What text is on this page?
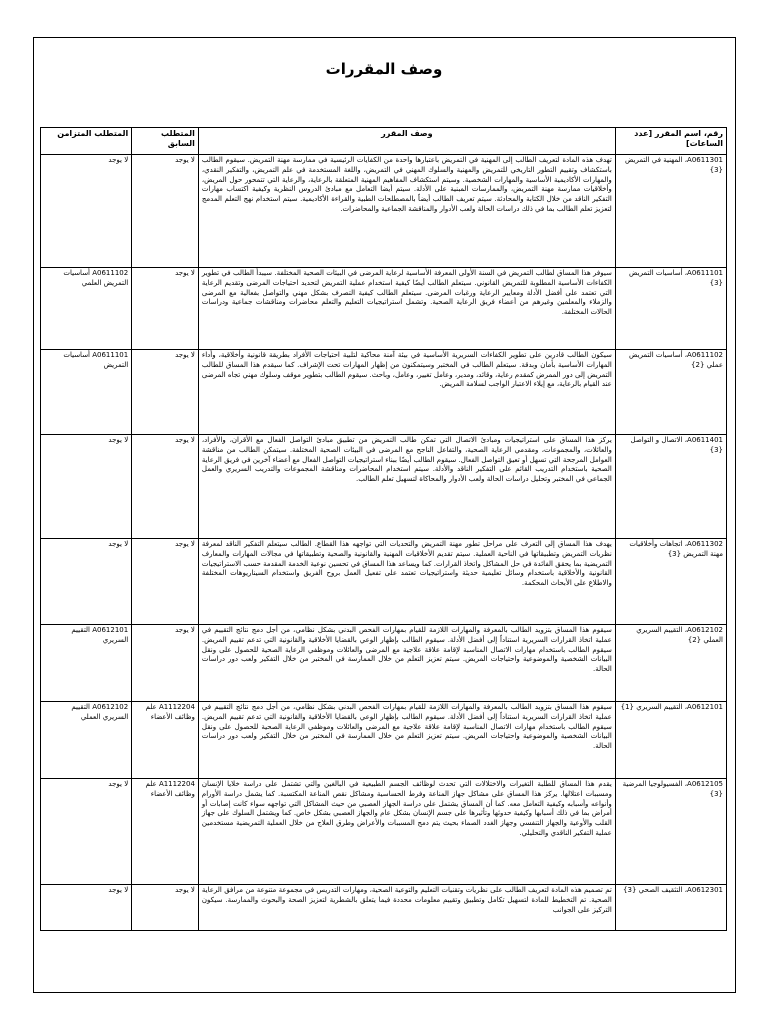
وصف المقررات
رقم، اسم المقرر [عدد الساعات]	وصف المقرر	المتطلب السابق	المتطلب المتزامن
A0611301، المهنية في التمريض {3}	تهدف هذه المادة لتعريف الطالب إلى المهنية في التمريض باعتبارها واحدة من الكفايات الرئيسية في ممارسة مهنة التمريض. سيقوم الطالب باستكشاف وتقييم التطور التاريخي للتمريض والمهنية والسلوك المهني في التمريض، واللغة المستخدمة في علم التمريض، والتفكير النقدي، والمهارات الأكاديمية الأساسية والمهارات الشخصية. وسيتم استكشاف المفاهيم المهنية المتعلقة بالرعاية، والرعاية التي تتمحور حول المريض، وأخلاقيات ممارسة مهنة التمريض، والممارسات المبنية على الأدلة. سيتم أيضا التعامل مع مبادئ الدروس النظرية وكيفية اكتساب مهارات التفكير الناقد من خلال الكتابة والمحادثة. سيتم تعريف الطالب أيضاً بالمصطلحات الطبية والقراءة الأكاديمية. سيتم استخدام نهج التعلم المدمج لتعزيز تعلم الطالب بما في ذلك دراسات الحالة ولعب الأدوار والمناقشة الجماعية والمحاضرات.	لا يوجد	لا يوجد
A0611101، أساسيات التمريض {3}	سيوفر هذا المساق لطالب التمريض في السنة الأولى المعرفة الأساسية لرعاية المرضى في البيئات الصحية المختلفة. سيبدأ الطالب في تطوير الكفاءات الأساسية المطلوبة للتمريض القانوني. سيتعلم الطالب أيضًا كيفية استخدام عملية التمريض لتحديد احتياجات المرضى وتقديم الرعاية التي تعتمد على أفضل الأدلة ومعايير الرعاية ورغبات المرضى. سيتعلم الطالب كيفية التصرف بشكل مهني والتواصل بفعالية مع المرضى والزملاء والمعلمين وغيرهم من أعضاء فريق الرعاية الصحية. وتشمل استراتيجيات التعليم والتعلم محاضرات ومناقشات جماعية ودراسات الحالات المختلفة.	لا يوجد	A0611102 أساسيات التمريض العلمي
A0611102، أساسيات التمريض عملي {2}	سيكون الطالب قادرين على تطوير الكفاءات السريرية الأساسية في بيئة آمنة محاكية لتلبية احتياجات الأفراد بطريقة قانونية وأخلاقية، وأداء المهارات الأساسية بأمان وبدقة. سيتعلم الطالب في المختبر وسيتمكنون من إظهار المهارات تحت الإشراف. كما سيقدم هذا المساق للطالب التمريض إلى دور الممرض كمقدم رعاية، وقائد، ومدير، وعامل تغيير، وعامل، وباحث. سيقوم الطالب بتطوير موقف وسلوك مهني تجاه المرضى عند القيام بالرعاية، مع إيلاء الاعتبار الواجب لسلامة المريض.	لا يوجد	A0611101 أساسيات التمريض
A0611401، الاتصال و التواصل {3}	يركز هذا المساق على استراتيجيات ومبادئ الاتصال التي تمكن طالب التمريض من تطبيق مبادئ التواصل الفعال مع الأقران، والأفراد، والعائلات، والمجموعات، ومقدمي الرعاية الصحية، والتفاعل الناجح مع المرضى في البيئات الصحية المختلفة. سيتمكن الطالب من مناقشة العوامل المرجحة التي تسهل أو تعيق التواصل الفعال. سيقوم الطالب أيضًا ببناء استراتيجيات التواصل الفعال مع أعضاء آخرين في فريق الرعاية الصحية باستخدام التدريب القائم على التفكير الناقد والأدلة. سيتم استخدام المحاضرات ومناقشة المجموعات والتدريب السريري والعمل الجماعي في المختبر وتحليل دراسات الحالة ولعب الأدوار والمحاكاة لتسهيل تعلم الطالب.	لا يوجد	لا يوجد
A0611302، اتجاهات وأخلاقيات مهنة التمريض {3}	يهدف هذا المساق إلى التعرف على مراحل تطور مهنة التمريض والتحديات التي تواجهه هذا القطاع. الطالب سيتعلم التفكير الناقد لمعرفة نظريات التمريض وتطبيقاتها في الناحية العملية. سيتم تقديم الأخلاقيات المهنية والقانونية والصحية وتطبيقاتها في مجالات المهارات والمعارف التمريضية بما يحقق الفائدة في حل المشاكل واتخاذ القرارات. كما ويساعد هذا المساق في تحسين نوعية الخدمة المقدمة حسب الاستراتيجيات القانونية والأخلاقية باستخدام وسائل تعليمية حديثة واستراتيجيات تعتمد على تفعيل العمل بروح الفريق واستخدام السيناريوهات المختلفة والاطلاع على الأبحاث المحكمة.	لا يوجد	لا يوجد
A0612102، التقييم السريري العملي {2}	سيقوم هذا المساق بتزويد الطالب بالمعرفة والمهارات اللازمة للقيام بمهارات الفحص البدني بشكل نظامي، من أجل دمج نتائج التقييم في عملية اتخاذ القرارات السريرية استناداً إلى أفضل الأدلة. سيقوم الطالب بإظهار الوعي بالقضايا الأخلاقية والقانونية التي تدعم تقييم المريض. سيقوم الطالب باستخدام مهارات الاتصال المناسبة لإقامة علاقة علاجية مع المرضى والعائلات وموظفي الرعاية الصحية للحصول على ونقل البيانات الشخصية والموضوعية واحتياجات المريض. سيتم تعزيز التعلم من خلال الممارسة في المختبر من خلال التفكير ولعب دور دراسات الحالة.	لا يوجد	A0612101 التقييم السريري
A0612101، التقييم السريري {1}	سيقوم هذا المساق بتزويد الطالب بالمعرفة والمهارات اللازمة للقيام بمهارات الفحص البدني بشكل نظامي، من أجل دمج نتائج التقييم في عملية اتخاذ القرارات السريرية استناداً إلى أفضل الأدلة. سيقوم الطالب بإظهار الوعي بالقضايا الأخلاقية والقانونية التي تدعم تقييم المريض. سيقوم الطالب باستخدام مهارات الاتصال المناسبة لإقامة علاقة علاجية مع المرضى والعائلات وموظفي الرعاية الصحية للحصول على ونقل البيانات الشخصية والموضوعية واحتياجات المريض. سيتم تعزيز التعلم من خلال الممارسة في المختبر من خلال التفكير ولعب دور دراسات الحالة.	A1112204 علم وظائف الأعضاء	A0612102 التقييم السريري العملي
A0612105، الفسيولوجيا المرضية {3}	يقدم هذا المساق للطلبة التغيرات والاختلالات التي تحدث لوظائف الجسم الطبيعية في البالغين والتي تشتمل على دراسة خلايا الإنسان ومسببات اعتلالها. يركز هذا المساق على مشاكل جهاز المناعة وفرط الحساسية ومشاكل نقص المناعة المكتسبة. كما يشمل دراسة الأورام وأنواعه وأسبابه وكيفية التعامل معه. كما أن المساق يشتمل على دراسة الجهاز العصبي من حيث المشاكل التي تواجهه سواء كانت إصابات أو أمراض بما في ذلك أسبابها وكيفية حدوثها وتأثيرها على جسم الإنسان بشكل عام والجهاز العصبي بشكل خاص. كما ويشتمل السلوك على جهاز القلب والأوعية والجهاز التنفسي وجهاز الغدد الصماء بحيث يتم دمج المسببات والأعراض وطرق العلاج من خلال العملية التمريضية مستخدمين عملية التفكير الناقدي والتحليلي.	A1112204 علم وظائف الأعضاء	لا يوجد
A0612301، التثقيف الصحي {3}	تم تصميم هذه المادة لتعريف الطالب على نظريات وتقنيات التعليم والتوعية الصحية، ومهارات التدريس في مجموعة متنوعة من مرافق الرعاية الصحية. تم التخطيط للمادة لتسهيل تكامل وتطبيق وتقييم معلومات محددة فيما يتعلق بالشطرية لتعزيز الصحة والبحوث والممارسة. سيكون التركيز على الجوانب	لا يوجد	لا يوجد
